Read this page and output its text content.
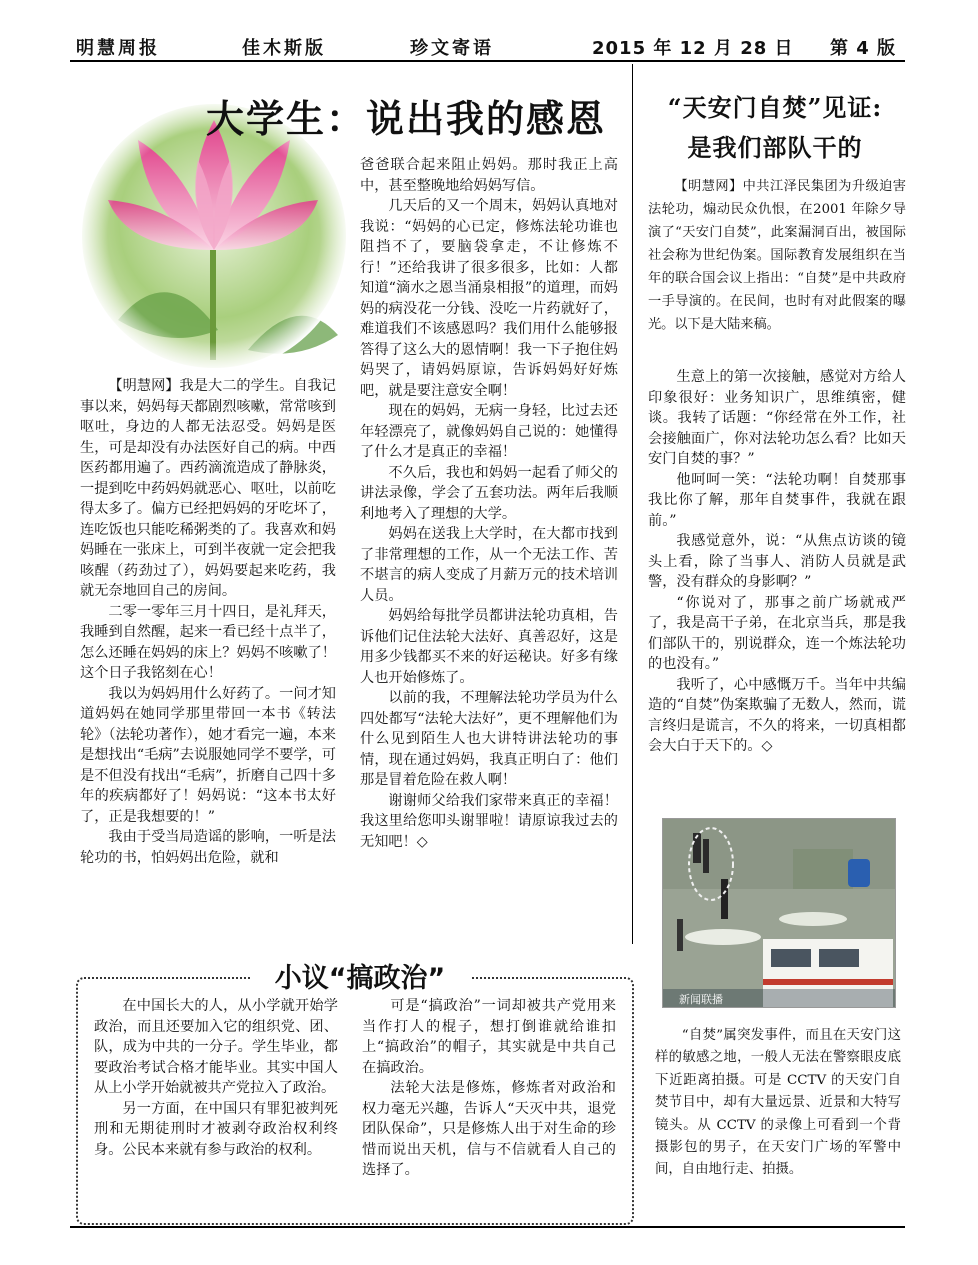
明慧周报	佳木斯版	珍文寄语	2015 年 12 月 28 日 第 4 版
大学生：说出我的感恩

【明慧网】我是大二的学生。自我记事以来，妈妈每天都剧烈咳嗽，常常咳到呕吐，身边的人都无法忍受。妈妈是医生，可是却没有办法医好自己的病。中西医药都用遍了。西药滴流造成了静脉炎，一提到吃中药妈妈就恶心、呕吐，以前吃得太多了。偏方已经把妈妈的牙吃坏了，连吃饭也只能吃稀粥类的了。我喜欢和妈妈睡在一张床上，可到半夜就一定会把我咳醒（药劲过了），妈妈要起来吃药，我就无奈地回自己的房间。

二零一零年三月十四日，是礼拜天，我睡到自然醒，起来一看已经十点半了，怎么还睡在妈妈的床上？妈妈不咳嗽了！这个日子我铭刻在心！

我以为妈妈用什么好药了。一问才知道妈妈在她同学那里带回一本书《转法轮》（法轮功著作），她才看完一遍，本来是想找出“毛病”去说服她同学不要学，可是不但没有找出“毛病”，折磨自己四十多年的疾病都好了！妈妈说：“这本书太好了，正是我想要的！”

我由于受当局造谣的影响，一听是法轮功的书，怕妈妈出危险，就和

爸爸联合起来阻止妈妈。那时我正上高中，甚至整晚地给妈妈写信。

几天后的又一个周末，妈妈认真地对我说：“妈妈的心已定，修炼法轮功谁也阻挡不了，要脑袋拿走，不让修炼不行！”还给我讲了很多很多，比如：人都知道“滴水之恩当涌泉相报”的道理，而妈妈的病没花一分钱、没吃一片药就好了，难道我们不该感恩吗？我们用什么能够报答得了这么大的恩情啊！我一下子抱住妈妈哭了，请妈妈原谅，告诉妈妈好好炼吧，就是要注意安全啊！

现在的妈妈，无病一身轻，比过去还年轻漂亮了，就像妈妈自己说的：她懂得了什么才是真正的幸福！

不久后，我也和妈妈一起看了师父的讲法录像，学会了五套功法。两年后我顺利地考入了理想的大学。

妈妈在送我上大学时，在大都市找到了非常理想的工作，从一个无法工作、苦不堪言的病人变成了月薪万元的技术培训人员。

妈妈给每批学员都讲法轮功真相，告诉他们记住法轮大法好、真善忍好，这是用多少钱都买不来的好运秘诀。好多有缘人也开始修炼了。

以前的我，不理解法轮功学员为什么四处都写“法轮大法好”，更不理解他们为什么见到陌生人也大讲特讲法轮功的事情，现在通过妈妈，我真正明白了：他们那是冒着危险在救人啊！

谢谢师父给我们家带来真正的幸福！我这里给您叩头谢罪啦！请原谅我过去的无知吧！◇

“天安门自焚”见证:
是我们部队干的

【明慧网】中共江泽民集团为升级迫害法轮功，煽动民众仇恨，在2001 年除夕导演了“天安门自焚”，此案漏洞百出，被国际社会称为世纪伪案。国际教育发展组织在当年的联合国会议上指出：“自焚”是中共政府一手导演的。在民间，也时有对此假案的曝光。以下是大陆来稿。

生意上的第一次接触，感觉对方给人印象很好：业务知识广，思维缜密，健谈。我转了话题：“你经常在外工作，社会接触面广，你对法轮功怎么看？比如天安门自焚的事？”

他呵呵一笑：“法轮功啊！自焚那事我比你了解，那年自焚事件，我就在跟前。”

我感觉意外，说：“从焦点访谈的镜头上看，除了当事人、消防人员就是武警，没有群众的身影啊？”

“你说对了，那事之前广场就戒严了，我是高干子弟，在北京当兵，那是我们部队干的，别说群众，连一个炼法轮功的也没有。”

我听了，心中感慨万千。当年中共编造的“自焚”伪案欺骗了无数人，然而，谎言终归是谎言，不久的将来，一切真相都会大白于天下的。◇

新闻联播

“自焚”属突发事件，而且在天安门这样的敏感之地，一般人无法在警察眼皮底下近距离拍摄。可是 CCTV 的天安门自焚节目中，却有大量远景、近景和大特写镜头。从 CCTV 的录像上可看到一个背摄影包的男子，在天安门广场的军警中间，自由地行走、拍摄。

小议“搞政治”

在中国长大的人，从小学就开始学政治，而且还要加入它的组织党、团、队，成为中共的一分子。学生毕业，都要政治考试合格才能毕业。其实中国人从上小学开始就被共产党拉入了政治。

另一方面，在中国只有罪犯被判死刑和无期徒刑时才被剥夺政治权利终身。公民本来就有参与政治的权利。

可是“搞政治”一词却被共产党用来当作打人的棍子，想打倒谁就给谁扣上“搞政治”的帽子，其实就是中共自己在搞政治。

法轮大法是修炼，修炼者对政治和权力毫无兴趣，告诉人“天灭中共，退党团队保命”，只是修炼人出于对生命的珍惜而说出天机，信与不信就看人自己的选择了。
